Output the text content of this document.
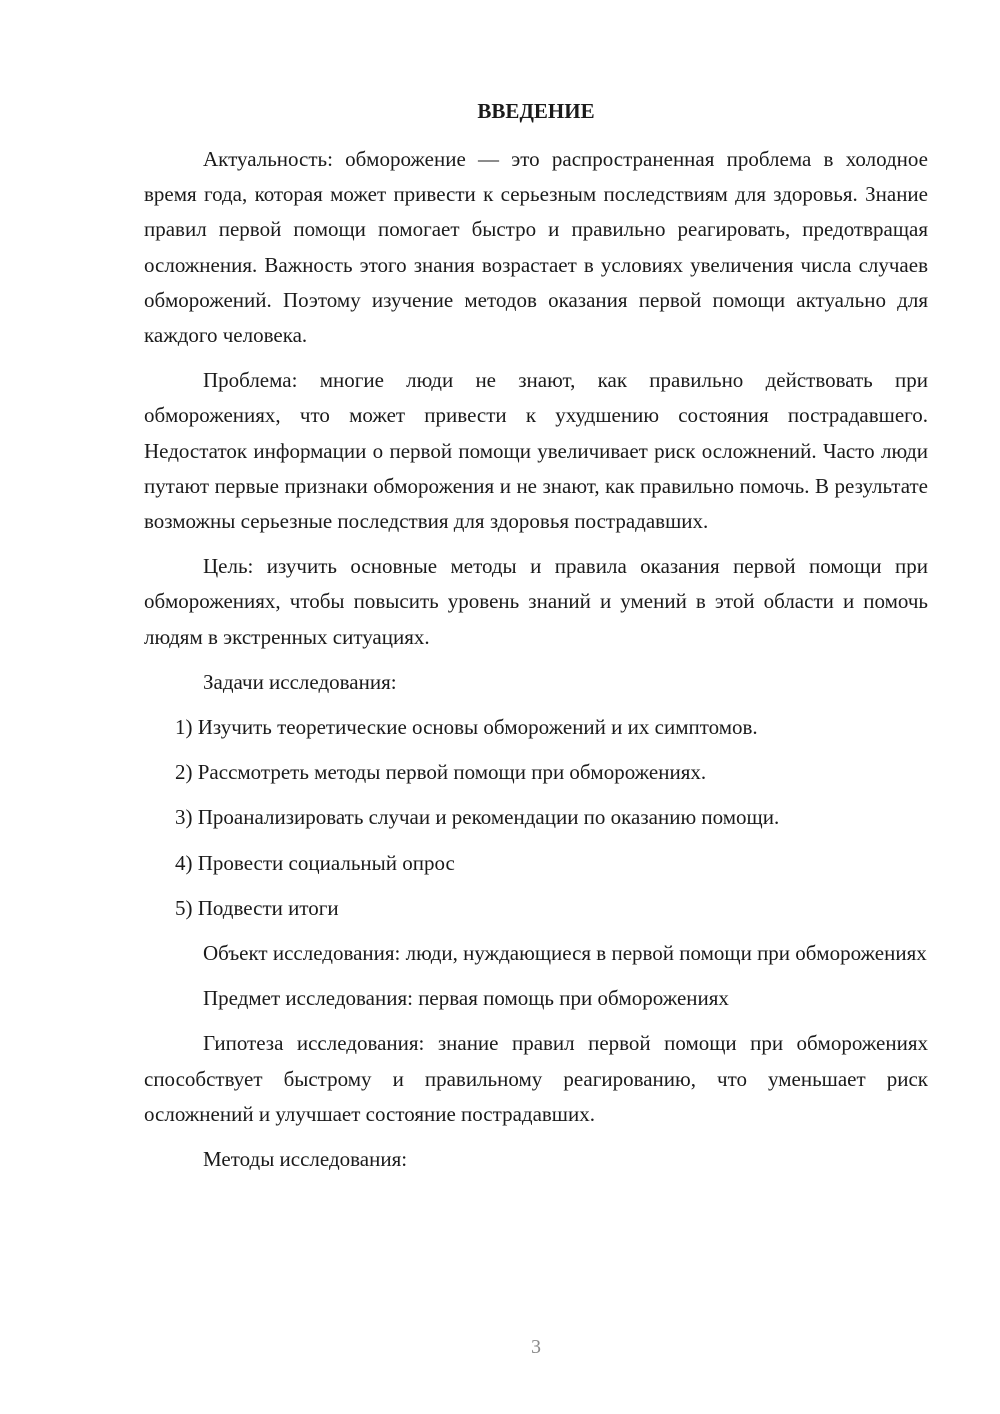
ВВЕДЕНИЕ

Актуальность: обморожение — это распространенная проблема в холодное время года, которая может привести к серьезным последствиям для здоровья. Знание правил первой помощи помогает быстро и правильно реагировать, предотвращая осложнения. Важность этого знания возрастает в условиях увеличения числа случаев обморожений. Поэтому изучение методов оказания первой помощи актуально для каждого человека.

Проблема: многие люди не знают, как правильно действовать при обморожениях, что может привести к ухудшению состояния пострадавшего. Недостаток информации о первой помощи увеличивает риск осложнений. Часто люди путают первые признаки обморожения и не знают, как правильно помочь. В результате возможны серьезные последствия для здоровья пострадавших.

Цель: изучить основные методы и правила оказания первой помощи при обморожениях, чтобы повысить уровень знаний и умений в этой области и помочь людям в экстренных ситуациях.

Задачи исследования:

1) Изучить теоретические основы обморожений и их симптомов.

2) Рассмотреть методы первой помощи при обморожениях.

3) Проанализировать случаи и рекомендации по оказанию помощи.

4) Провести социальный опрос

5) Подвести итоги

Объект исследования: люди, нуждающиеся в первой помощи при обморожениях

Предмет исследования: первая помощь при обморожениях

Гипотеза исследования: знание правил первой помощи при обморожениях способствует быстрому и правильному реагированию, что уменьшает риск осложнений и улучшает состояние пострадавших.

Методы исследования:

3
